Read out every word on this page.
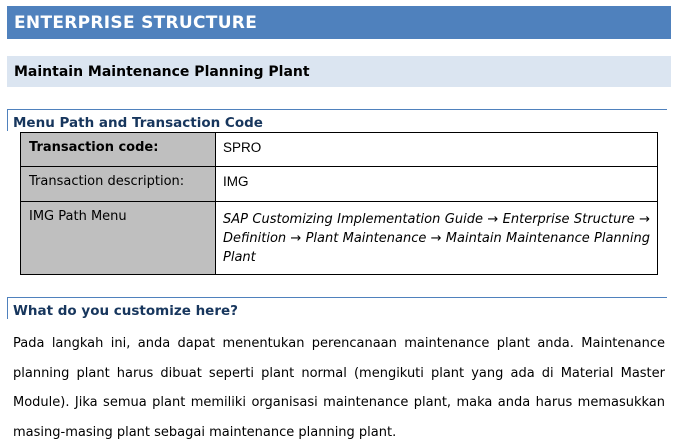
ENTERPRISE STRUCTURE
Maintain Maintenance Planning Plant
Menu Path and Transaction Code
Transaction code:	SPRO
Transaction description:	IMG
IMG Path Menu	SAP Customizing Implementation Guide → Enterprise Structure → Definition → Plant Maintenance → Maintain Maintenance Planning Plant
What do you customize here?
Pada langkah ini, anda dapat menentukan perencanaan maintenance plant anda. Maintenance planning plant harus dibuat seperti plant normal (mengikuti plant yang ada di Material Master Module). Jika semua plant memiliki organisasi maintenance plant, maka anda harus memasukkan masing-masing plant sebagai maintenance planning plant.
